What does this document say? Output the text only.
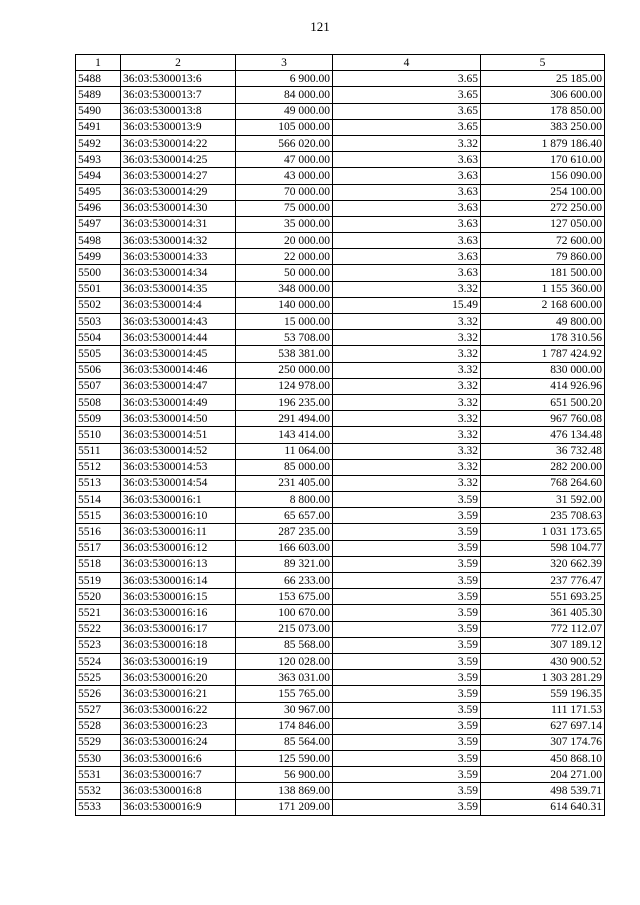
121
1	2	3	4	5
5488	36:03:5300013:6	6 900.00	3.65	25 185.00
5489	36:03:5300013:7	84 000.00	3.65	306 600.00
5490	36:03:5300013:8	49 000.00	3.65	178 850.00
5491	36:03:5300013:9	105 000.00	3.65	383 250.00
5492	36:03:5300014:22	566 020.00	3.32	1 879 186.40
5493	36:03:5300014:25	47 000.00	3.63	170 610.00
5494	36:03:5300014:27	43 000.00	3.63	156 090.00
5495	36:03:5300014:29	70 000.00	3.63	254 100.00
5496	36:03:5300014:30	75 000.00	3.63	272 250.00
5497	36:03:5300014:31	35 000.00	3.63	127 050.00
5498	36:03:5300014:32	20 000.00	3.63	72 600.00
5499	36:03:5300014:33	22 000.00	3.63	79 860.00
5500	36:03:5300014:34	50 000.00	3.63	181 500.00
5501	36:03:5300014:35	348 000.00	3.32	1 155 360.00
5502	36:03:5300014:4	140 000.00	15.49	2 168 600.00
5503	36:03:5300014:43	15 000.00	3.32	49 800.00
5504	36:03:5300014:44	53 708.00	3.32	178 310.56
5505	36:03:5300014:45	538 381.00	3.32	1 787 424.92
5506	36:03:5300014:46	250 000.00	3.32	830 000.00
5507	36:03:5300014:47	124 978.00	3.32	414 926.96
5508	36:03:5300014:49	196 235.00	3.32	651 500.20
5509	36:03:5300014:50	291 494.00	3.32	967 760.08
5510	36:03:5300014:51	143 414.00	3.32	476 134.48
5511	36:03:5300014:52	11 064.00	3.32	36 732.48
5512	36:03:5300014:53	85 000.00	3.32	282 200.00
5513	36:03:5300014:54	231 405.00	3.32	768 264.60
5514	36:03:5300016:1	8 800.00	3.59	31 592.00
5515	36:03:5300016:10	65 657.00	3.59	235 708.63
5516	36:03:5300016:11	287 235.00	3.59	1 031 173.65
5517	36:03:5300016:12	166 603.00	3.59	598 104.77
5518	36:03:5300016:13	89 321.00	3.59	320 662.39
5519	36:03:5300016:14	66 233.00	3.59	237 776.47
5520	36:03:5300016:15	153 675.00	3.59	551 693.25
5521	36:03:5300016:16	100 670.00	3.59	361 405.30
5522	36:03:5300016:17	215 073.00	3.59	772 112.07
5523	36:03:5300016:18	85 568.00	3.59	307 189.12
5524	36:03:5300016:19	120 028.00	3.59	430 900.52
5525	36:03:5300016:20	363 031.00	3.59	1 303 281.29
5526	36:03:5300016:21	155 765.00	3.59	559 196.35
5527	36:03:5300016:22	30 967.00	3.59	111 171.53
5528	36:03:5300016:23	174 846.00	3.59	627 697.14
5529	36:03:5300016:24	85 564.00	3.59	307 174.76
5530	36:03:5300016:6	125 590.00	3.59	450 868.10
5531	36:03:5300016:7	56 900.00	3.59	204 271.00
5532	36:03:5300016:8	138 869.00	3.59	498 539.71
5533	36:03:5300016:9	171 209.00	3.59	614 640.31
